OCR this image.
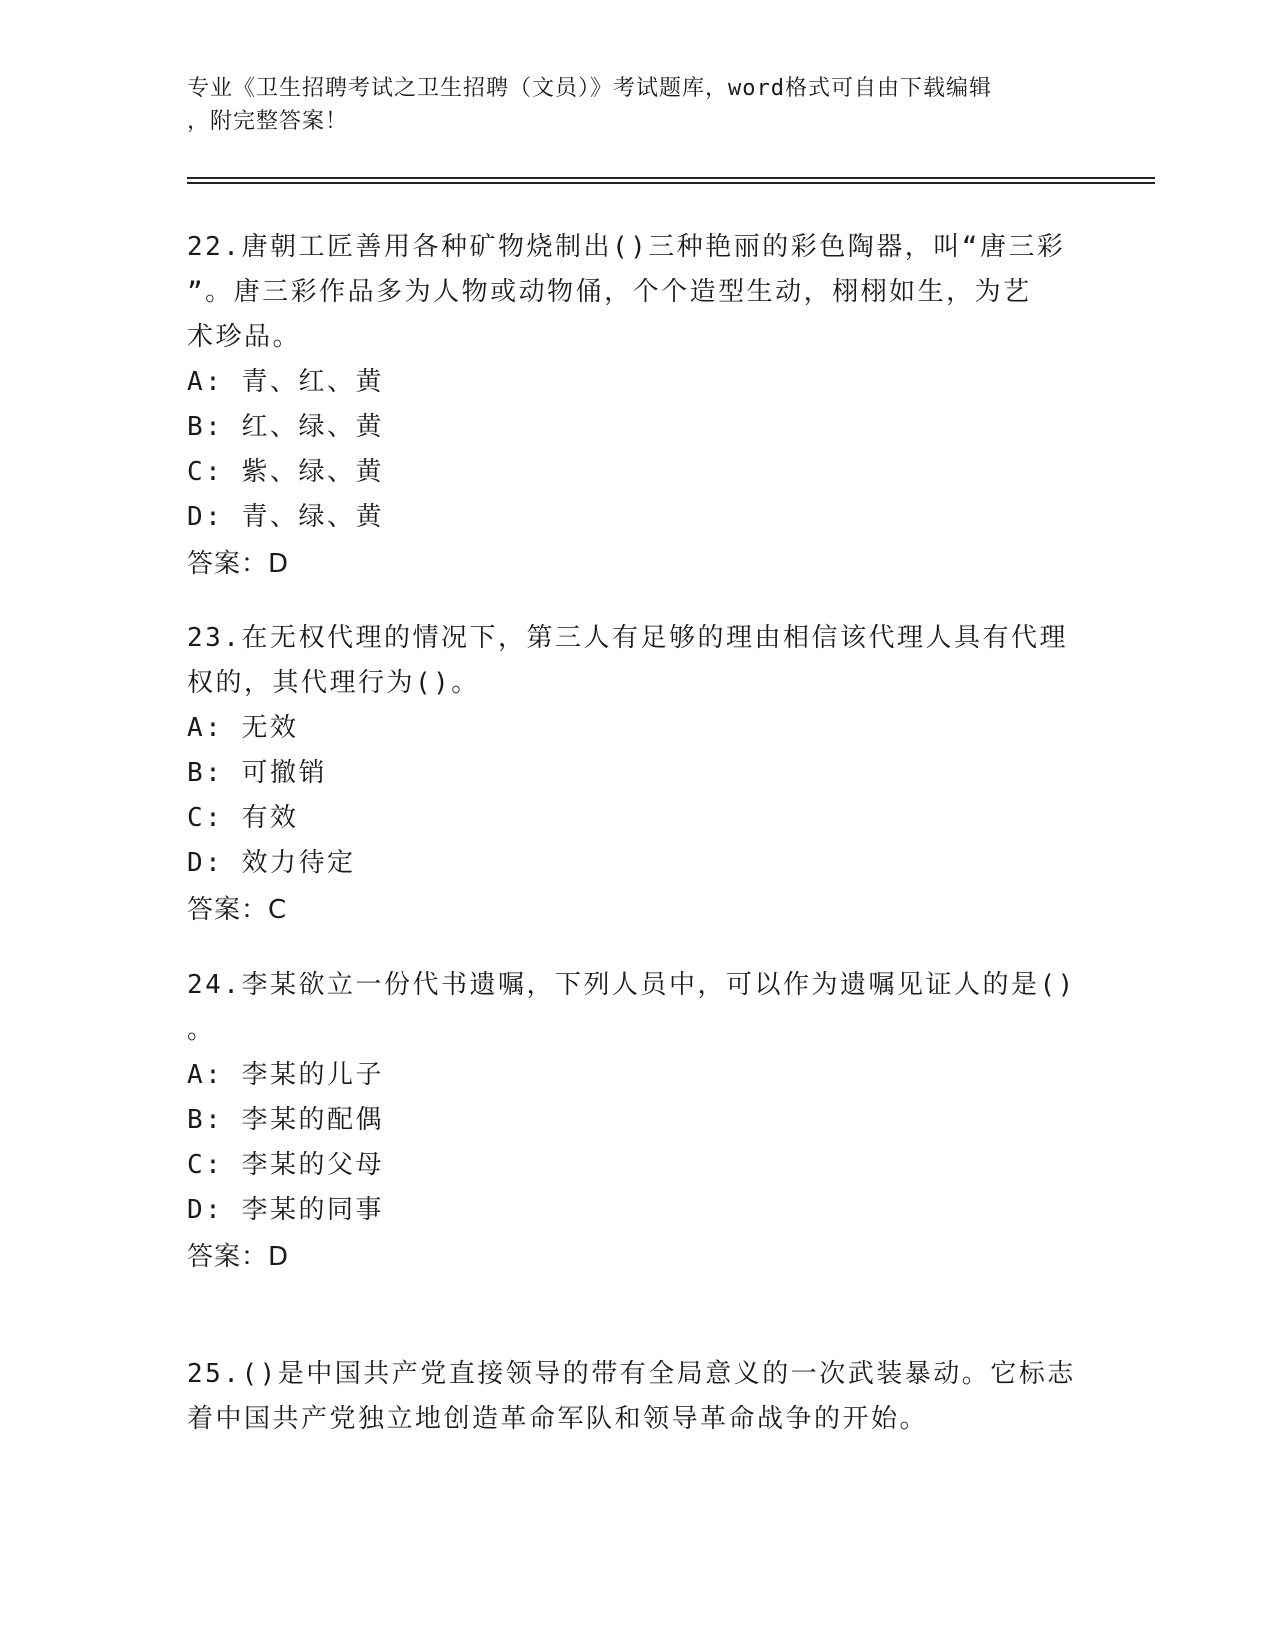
专业《卫生招聘考试之卫生招聘（文员）》考试题库，word格式可自由下载编辑
，附完整答案！
22.唐朝工匠善用各种矿物烧制出()三种艳丽的彩色陶器，叫“唐三彩
”。唐三彩作品多为人物或动物俑，个个造型生动，栩栩如生，为艺
术珍品。
A: 青、红、黄
B: 红、绿、黄
C: 紫、绿、黄
D: 青、绿、黄
答案：D
23.在无权代理的情况下，第三人有足够的理由相信该代理人具有代理
权的，其代理行为()。
A: 无效
B: 可撤销
C: 有效
D: 效力待定
答案：C
24.李某欲立一份代书遗嘱，下列人员中，可以作为遗嘱见证人的是()
。
A: 李某的儿子
B: 李某的配偶
C: 李某的父母
D: 李某的同事
答案：D
25.()是中国共产党直接领导的带有全局意义的一次武装暴动。它标志
着中国共产党独立地创造革命军队和领导革命战争的开始。
